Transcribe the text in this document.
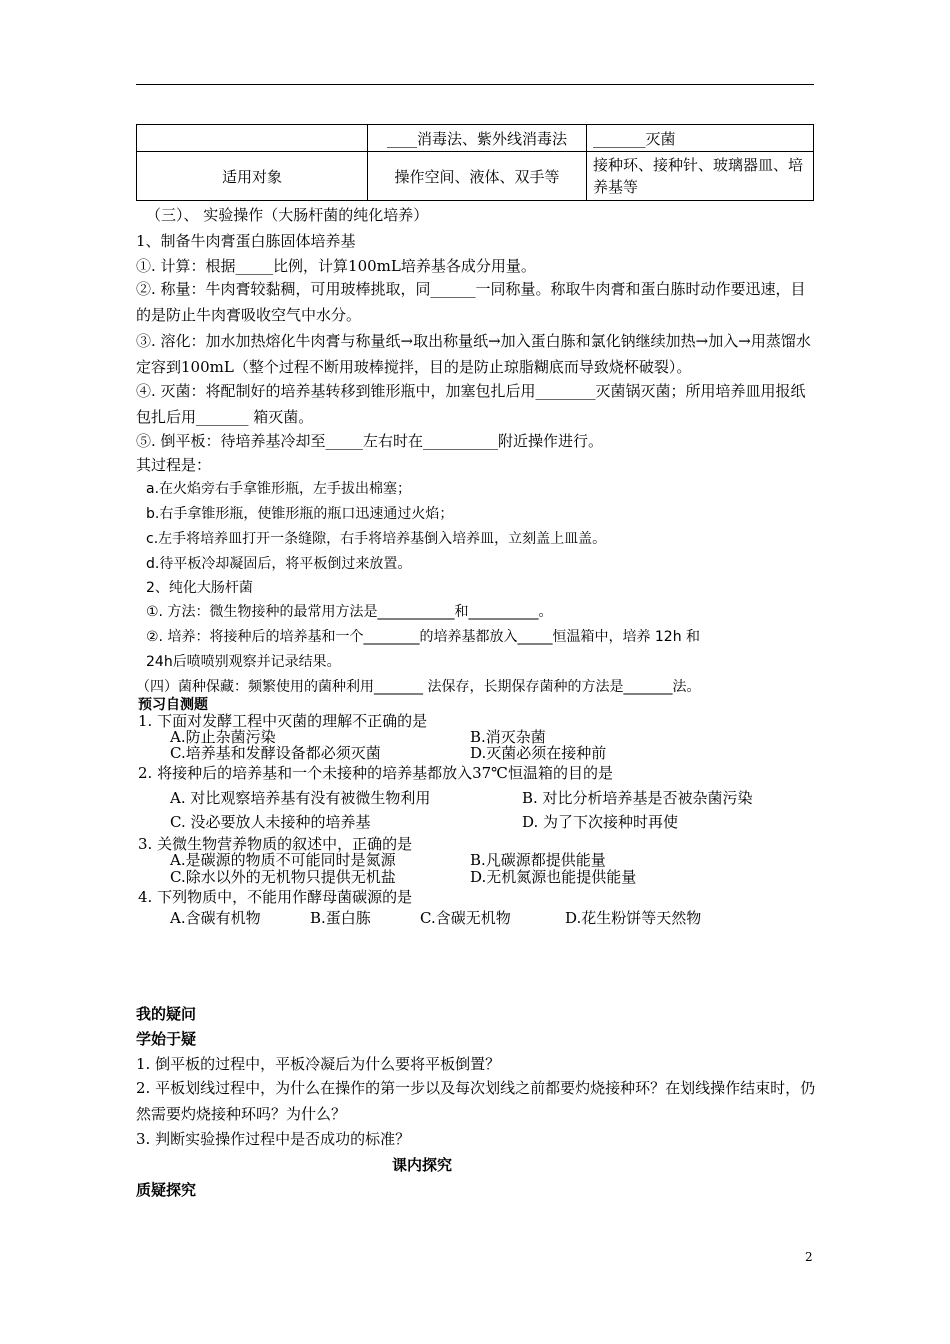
	____消毒法、紫外线消毒法	_______灭菌
适用对象	操作空间、液体、双手等	接种环、接种针、玻璃器皿、培养基等
（三）、 实验操作（大肠杆菌的纯化培养）
1、制备牛肉膏蛋白胨固体培养基
①. 计算：根据_____比例，计算100mL培养基各成分用量。
②. 称量：牛肉膏较黏稠，可用玻棒挑取，同______一同称量。称取牛肉膏和蛋白胨时动作要迅速，目的是防止牛肉膏吸收空气中水分。
③. 溶化：加水加热熔化牛肉膏与称量纸→取出称量纸→加入蛋白胨和氯化钠继续加热→加入→用蒸馏水定容到100mL（整个过程不断用玻棒搅拌，目的是防止琼脂糊底而导致烧杯破裂）。
④. 灭菌：将配制好的培养基转移到锥形瓶中，加塞包扎后用________灭菌锅灭菌；所用培养皿用报纸包扎后用_______ 箱灭菌。
⑤. 倒平板：待培养基冷却至_____左右时在__________附近操作进行。
其过程是：
a.在火焰旁右手拿锥形瓶，左手拔出棉塞；
b.右手拿锥形瓶，使锥形瓶的瓶口迅速通过火焰；
c.左手将培养皿打开一条缝隙，右手将培养基倒入培养皿，立刻盖上皿盖。
d.待平板冷却凝固后，将平板倒过来放置。
2、纯化大肠杆菌
①. 方法：微生物接种的最常用方法是___________和__________。
②. 培养：将接种后的培养基和一个________的培养基都放入_____恒温箱中，培养 12h 和
24h后喷喷别观察并记录结果。
（四）菌种保藏：频繁使用的菌种利用_______ 法保存，长期保存菌种的方法是_______法。
预习自测题
1. 下面对发酵工程中灭菌的理解不正确的是
A.防止杂菌污染	B.消灭杂菌
C.培养基和发酵设备都必须灭菌	D.灭菌必须在接种前
2. 将接种后的培养基和一个未接种的培养基都放入37℃恒温箱的目的是
A. 对比观察培养基有没有被微生物利用	B. 对比分析培养基是否被杂菌污染
C. 没必要放人未接种的培养基	D. 为了下次接种时再使
3. 关微生物营养物质的叙述中，正确的是
A.是碳源的物质不可能同时是氮源	B.凡碳源都提供能量
C.除水以外的无机物只提供无机盐	D.无机氮源也能提供能量
4. 下列物质中，不能用作酵母菌碳源的是
A.含碳有机物	B.蛋白胨	C.含碳无机物	D.花生粉饼等天然物
我的疑问
学始于疑
1. 倒平板的过程中，平板冷凝后为什么要将平板倒置？
2. 平板划线过程中，为什么在操作的第一步以及每次划线之前都要灼烧接种环？在划线操作结束时，仍然需要灼烧接种环吗？为什么？
3. 判断实验操作过程中是否成功的标准？
课内探究
质疑探究
2
